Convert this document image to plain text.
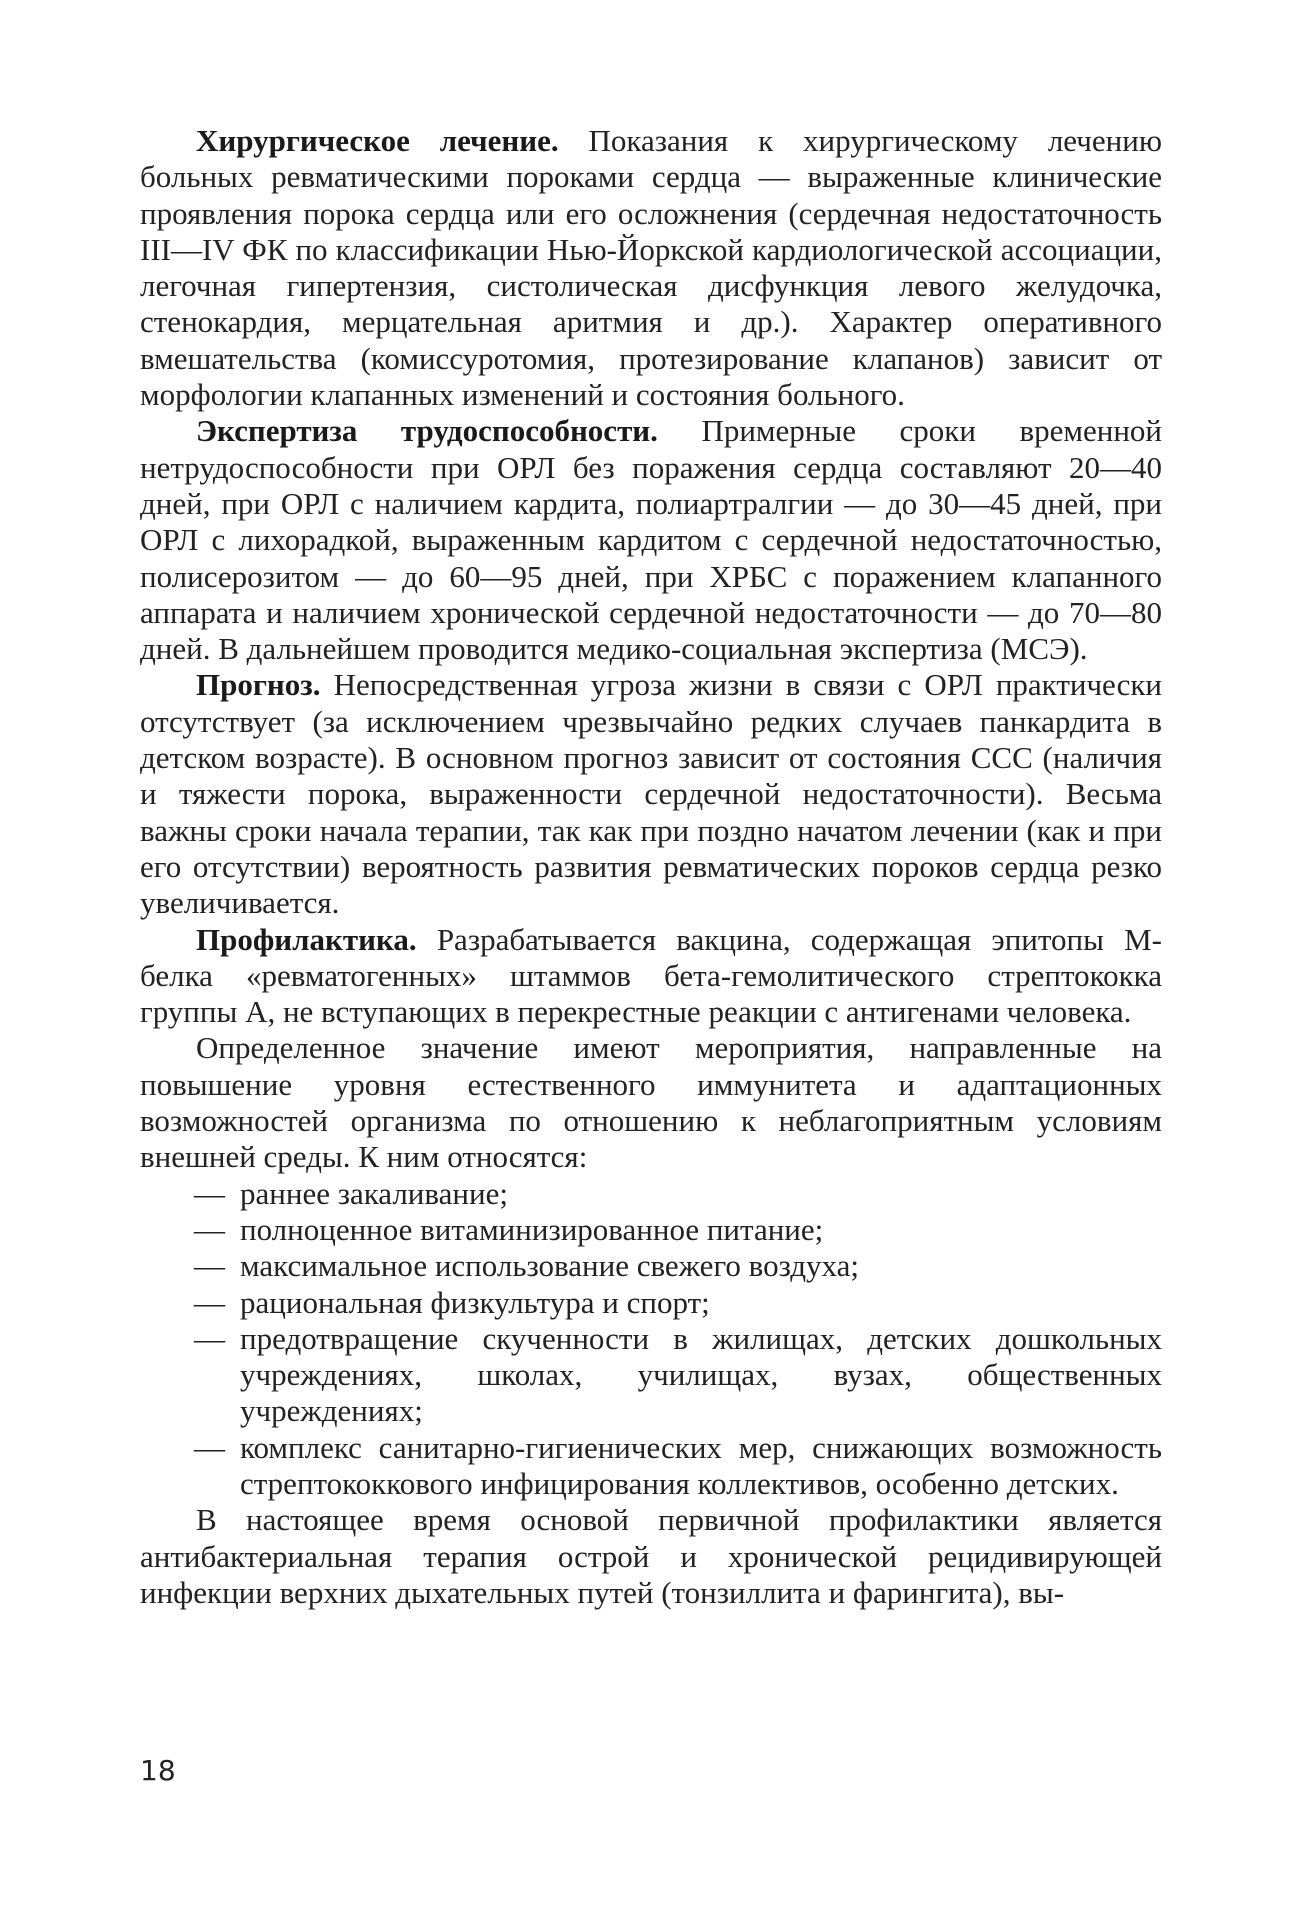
Хирургическое лечение. Показания к хирургическому лечению больных ревматическими пороками сердца — выраженные клинические проявления порока сердца или его осложнения (сердечная недостаточность III—IV ФК по классификации Нью-Йоркской кардиологической ассоциации, легочная гипертензия, систолическая дисфункция левого желудочка, стенокардия, мерцательная аритмия и др.). Характер оперативного вмешательства (комиссуротомия, протезирование клапанов) зависит от морфологии клапанных изменений и состояния больного.

Экспертиза трудоспособности. Примерные сроки временной нетрудоспособности при ОРЛ без поражения сердца составляют 20—40 дней, при ОРЛ с наличием кардита, полиартралгии — до 30—45 дней, при ОРЛ с лихорадкой, выраженным кардитом с сердечной недостаточностью, полисерозитом — до 60—95 дней, при ХРБС с поражением клапанного аппарата и наличием хронической сердечной недостаточности — до 70—80 дней. В дальнейшем проводится медико-социальная экспертиза (МСЭ).

Прогноз. Непосредственная угроза жизни в связи с ОРЛ практически отсутствует (за исключением чрезвычайно редких случаев панкардита в детском возрасте). В основном прогноз зависит от состояния ССС (наличия и тяжести порока, выраженности сердечной недостаточности). Весьма важны сроки начала терапии, так как при поздно начатом лечении (как и при его отсутствии) вероятность развития ревматических пороков сердца резко увеличивается.

Профилактика. Разрабатывается вакцина, содержащая эпитопы М-белка «ревматогенных» штаммов бета-гемолитического стрептококка группы А, не вступающих в перекрестные реакции с антигенами человека.

Определенное значение имеют мероприятия, направленные на повышение уровня естественного иммунитета и адаптационных возможностей организма по отношению к неблагоприятным условиям внешней среды. К ним относятся:

— раннее закаливание;
— полноценное витаминизированное питание;
— максимальное использование свежего воздуха;
— рациональная физкультура и спорт;
— предотвращение скученности в жилищах, детских дошкольных учреждениях, школах, училищах, вузах, общественных учреждениях;
— комплекс санитарно-гигиенических мер, снижающих возможность стрептококкового инфицирования коллективов, особенно детских.

В настоящее время основой первичной профилактики является антибактериальная терапия острой и хронической рецидивирующей инфекции верхних дыхательных путей (тонзиллита и фарингита), вы-

18
